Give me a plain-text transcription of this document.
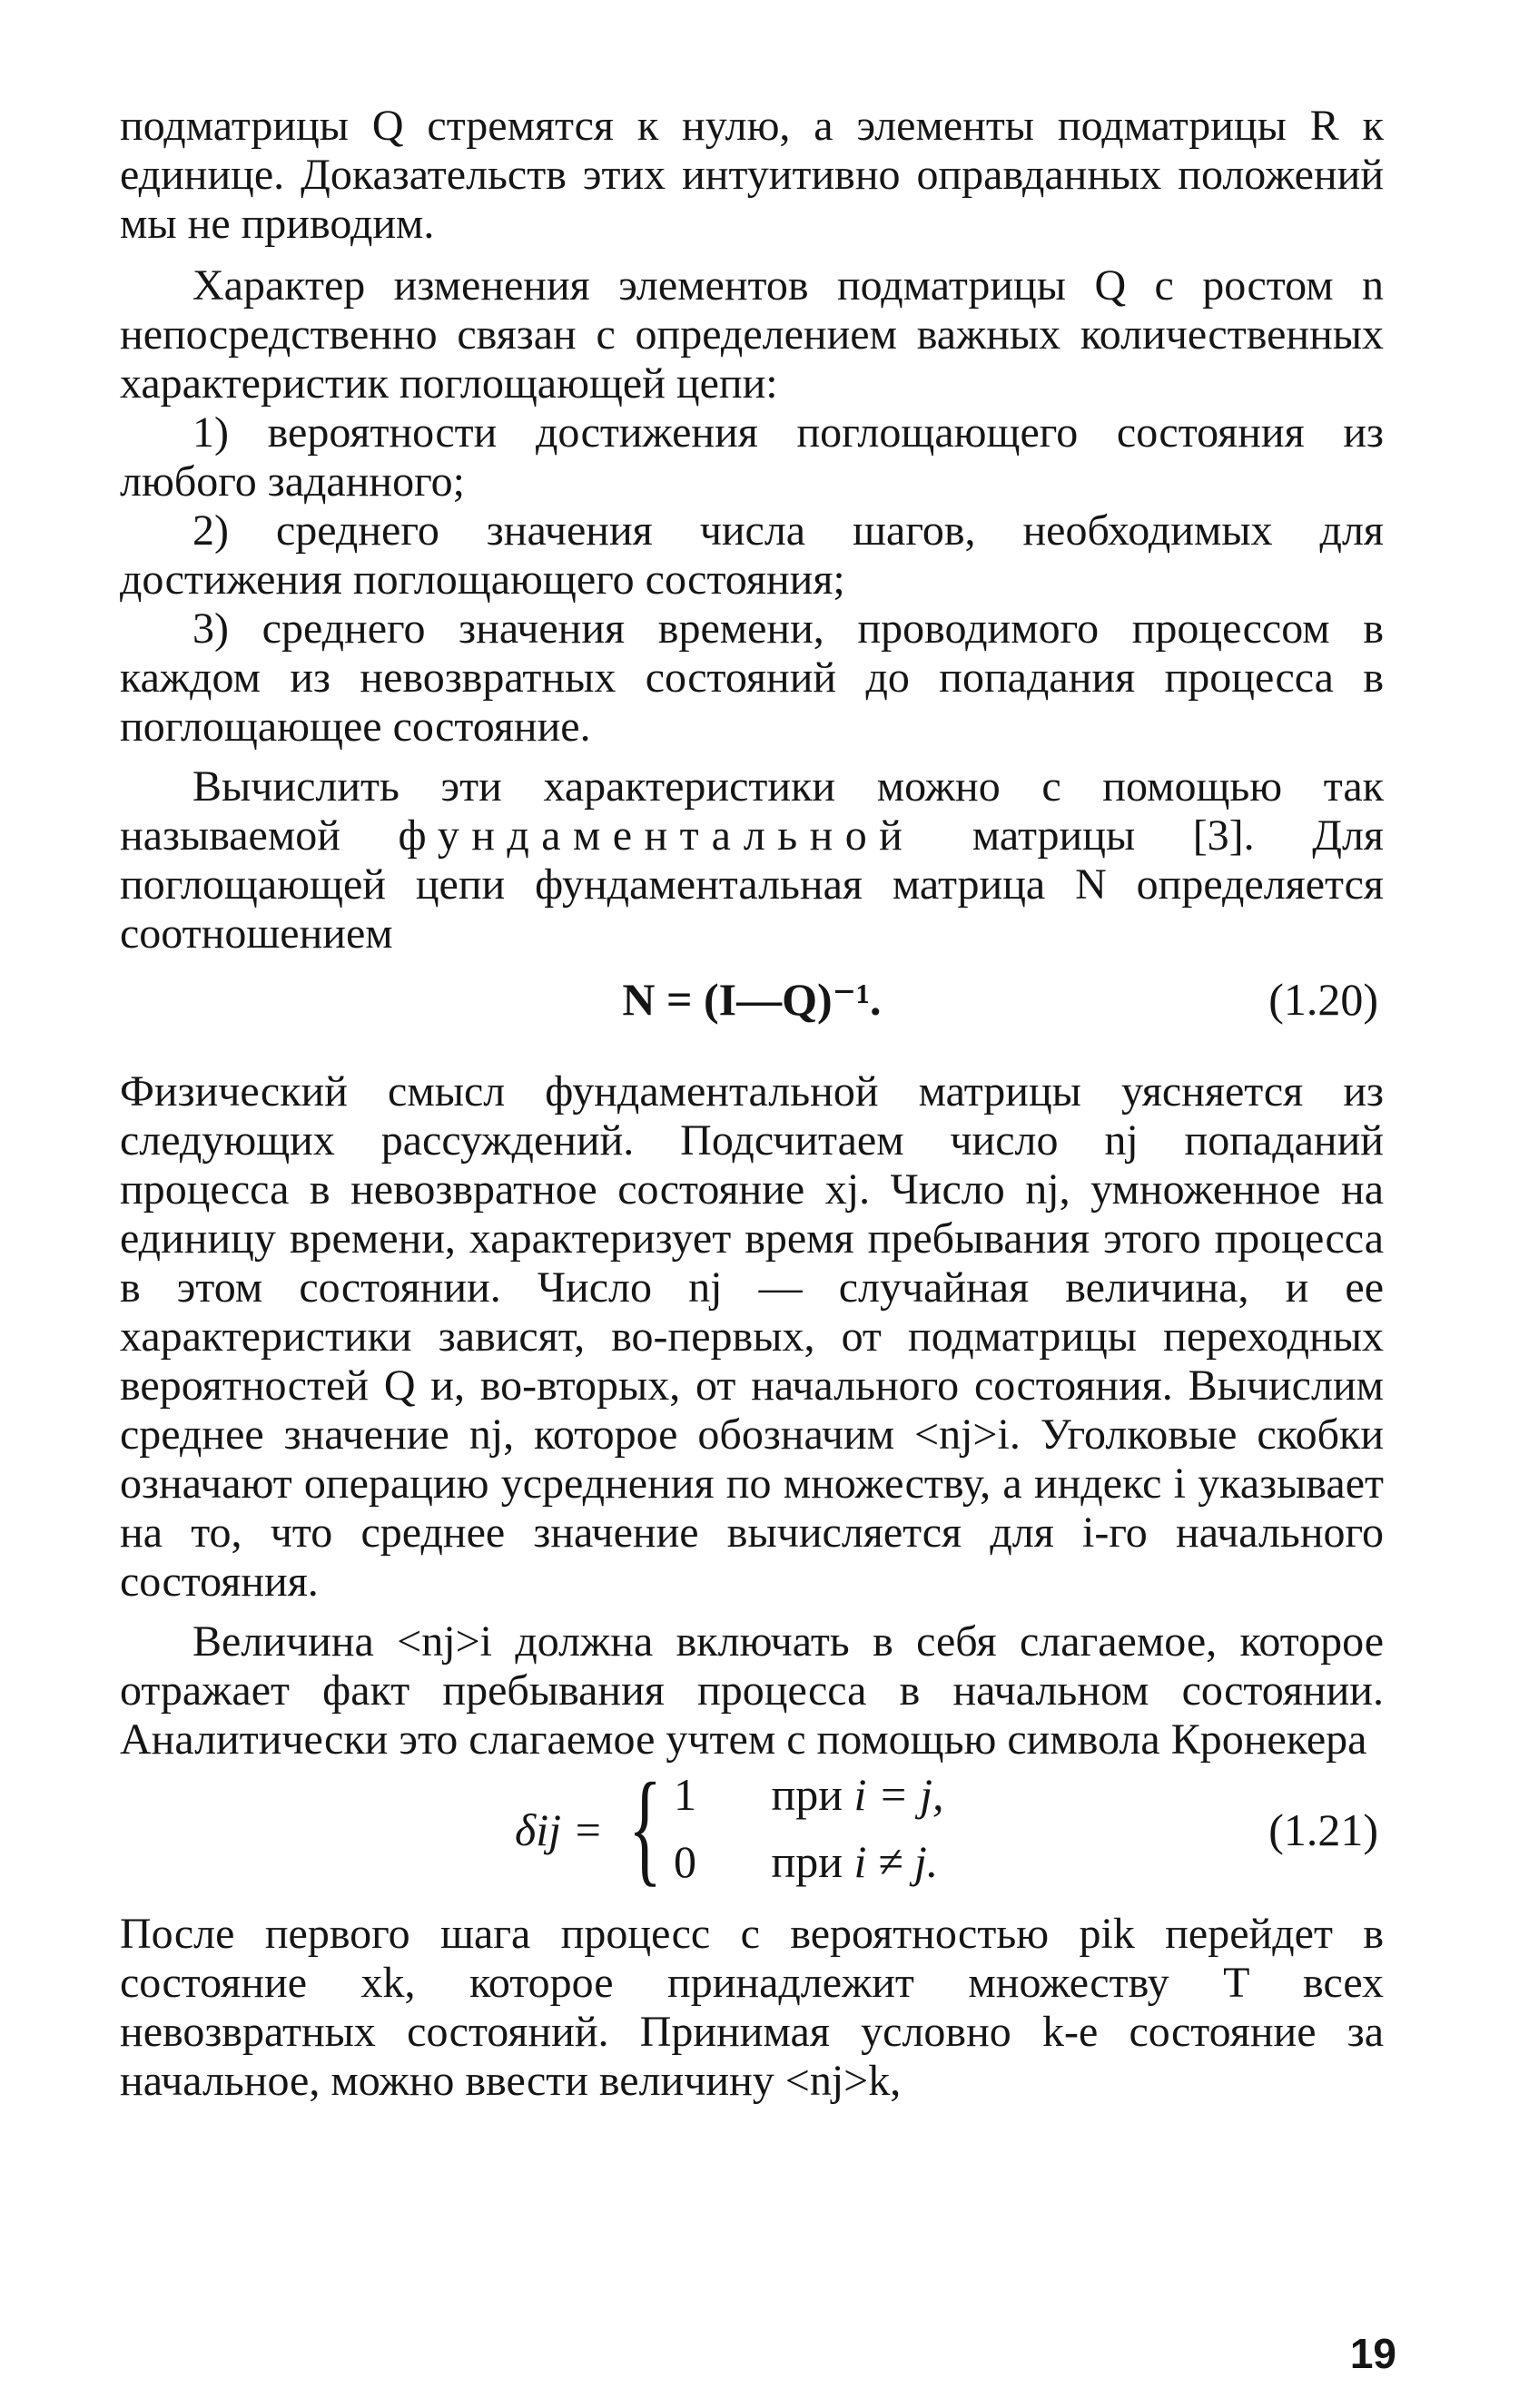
подматрицы Q стремятся к нулю, а элементы подматрицы R к единице. Доказательств этих интуитивно оправданных положений мы не приводим.

Характер изменения элементов подматрицы Q с ростом n непосредственно связан с определением важных количественных характеристик поглощающей цепи:

1) вероятности достижения поглощающего состояния из любого заданного;

2) среднего значения числа шагов, необходимых для достижения поглощающего состояния;

3) среднего значения времени, проводимого процессом в каждом из невозвратных состояний до попадания процесса в поглощающее состояние.

Вычислить эти характеристики можно с помощью так называемой фундаментальной матрицы [3]. Для поглощающей цепи фундаментальная матрица N определяется соотношением

N = (I—Q)⁻¹.	(1.20)

Физический смысл фундаментальной матрицы уясняется из следующих рассуждений. Подсчитаем число nj попаданий процесса в невозвратное состояние xj. Число nj, умноженное на единицу времени, характеризует время пребывания этого процесса в этом состоянии. Число nj — случайная величина, и ее характеристики зависят, во-первых, от подматрицы переходных вероятностей Q и, во-вторых, от начального состояния. Вычислим среднее значение nj, которое обозначим <nj>i. Уголковые скобки означают операцию усреднения по множеству, а индекс i указывает на то, что среднее значение вычисляется для i-го начального состояния.

Величина <nj>i должна включать в себя слагаемое, которое отражает факт пребывания процесса в начальном состоянии. Аналитически это слагаемое учтем с помощью символа Кронекера

δij = { 1 при i = j,
0 при i ≠ j.
(1.21)

После первого шага процесс с вероятностью pik перейдет в состояние xk, которое принадлежит множеству T всех невозвратных состояний. Принимая условно k-е состояние за начальное, можно ввести величину <nj>k,

19
